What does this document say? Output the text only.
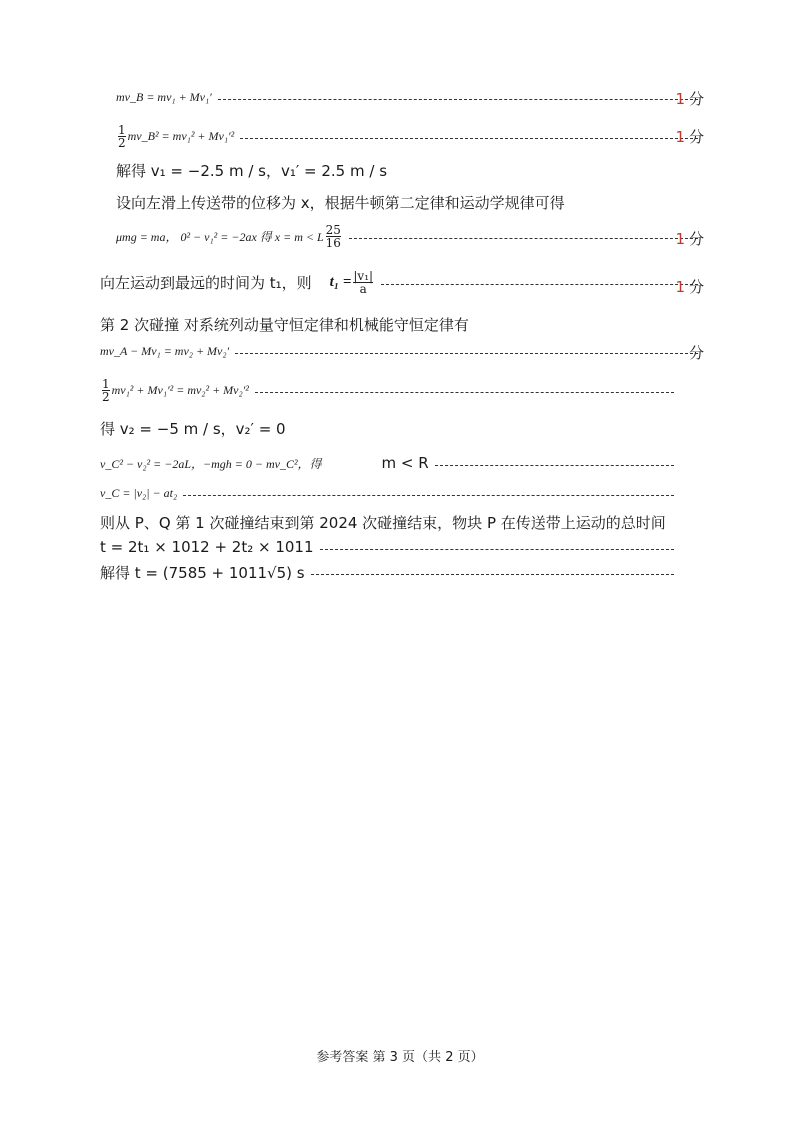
mv_B = mv₁ + Mv₁′	1 分
$\frac{1}{2}$ mv_B² = mv₁² + Mv₁′²	1 分
解得 v₁ = −2.5 m / s，v₁′ = 2.5 m / s
设向左滑上传送带的位移为 x，根据牛顿第二定律和运动学规律可得
μmg = ma， 0² − v₁² = −2ax 得 x = m < L $\frac{25}{16}$	1 分
向左运动到最远的时间为 t₁，则 $t_1 = \frac{\text{|v₁|}}{a}$	1 分
第 2 次碰撞 对系统列动量守恒定律和机械能守恒定律有
mv_A − Mv₁ = mv₂ + Mv₂′	分
$\frac{1}{2} mv_1^2 + Mv_1'^2 = mv_2^2 + Mv_2'^2$
得 v₂ = −5 m / s，v₂′ = 0
v_C² − v₂² = −2aL，−mgh = 0 − mv_C²，得	m < R
v_C = |v₂| − at₂
则从 P、Q 第 1 次碰撞结束到第 2024 次碰撞结束，物块 P 在传送带上运动的总时间
t = 2t₁ × 1012 + 2t₂ × 1011
解得 t = (7585 + 1011√5) s
参考答案 第 3 页（共 2 页）
